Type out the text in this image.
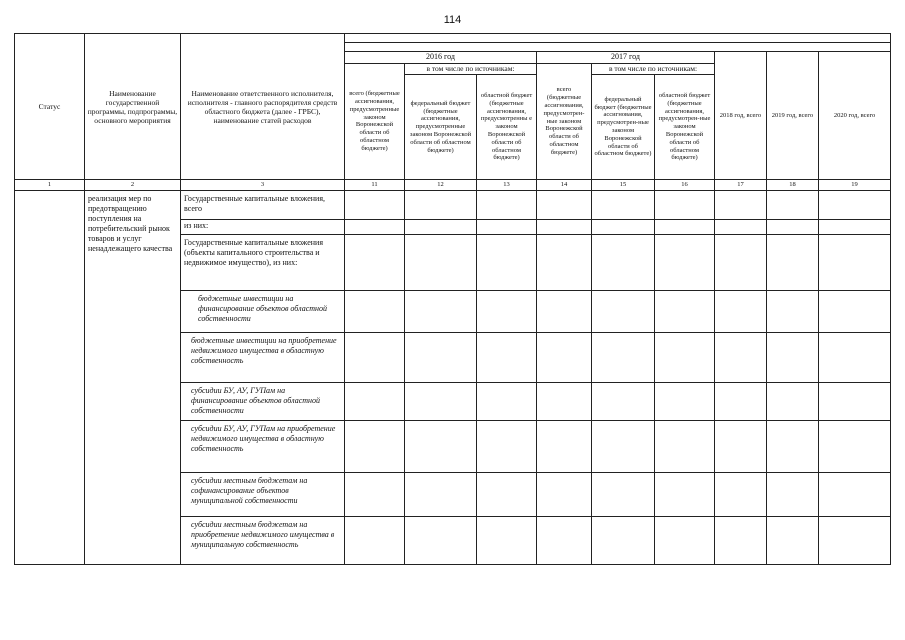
114
Статус	Наименование государственной программы, подпрограммы, основного мероприятия	Наименование ответственного исполнителя, исполнителя - главного распорядителя средств областного бюджета (далее - ГРБС), наименование статей расходов									

			2016 год			2017 год			2018 год, всего	2019 год, всего	2020 год, всего
			всего (бюджетные ассигнования, предусмотренные законом Воронежской области об областном бюджете)	в том числе по источникам:		всего (бюджетные ассигнования, предусмотрен-ные законом Воронежской области об областном бюджете)	в том числе по источникам:				
				федеральный бюджет (бюджетные ассигнования, предусмотренные законом Воронежской области об областном бюджете)	областной бюджет (бюджетные ассигнования, предусмотренны е законом Воронежской области об областном бюджете)		федеральный бюджет (бюджетные ассигнования, предусмотрен-ные законом Воронежской области об областном бюджете)	областной бюджет (бюджетные ассигнования, предусмотрен-ные законом Воронежской области об областном бюджете)			
1	2	3	11	12	13	14	15	16	17	18	19
	реализация мер по предотвращению поступления на потребительский рынок товаров и услуг ненадлежащего качества	Государственные капитальные вложения, всего									
		из них:									
		Государственные капитальные вложения (объекты капитального строительства и недвижимое имущество), из них:									
		бюджетные инвестиции на финансирование объектов областной собственности									
		бюджетные инвестиции на приобретение недвижимого имущества в областную собственность									
		субсидии БУ, АУ, ГУПам на финансирование объектов областной собственности									
		субсидии БУ, АУ, ГУПам на приобретение недвижимого имущества в областную собственность									
		субсидии местным бюджетам на софинансирование объектов муниципальной собственности									
		субсидии местным бюджетам на приобретение недвижимого имущества в муниципальную собственность									
